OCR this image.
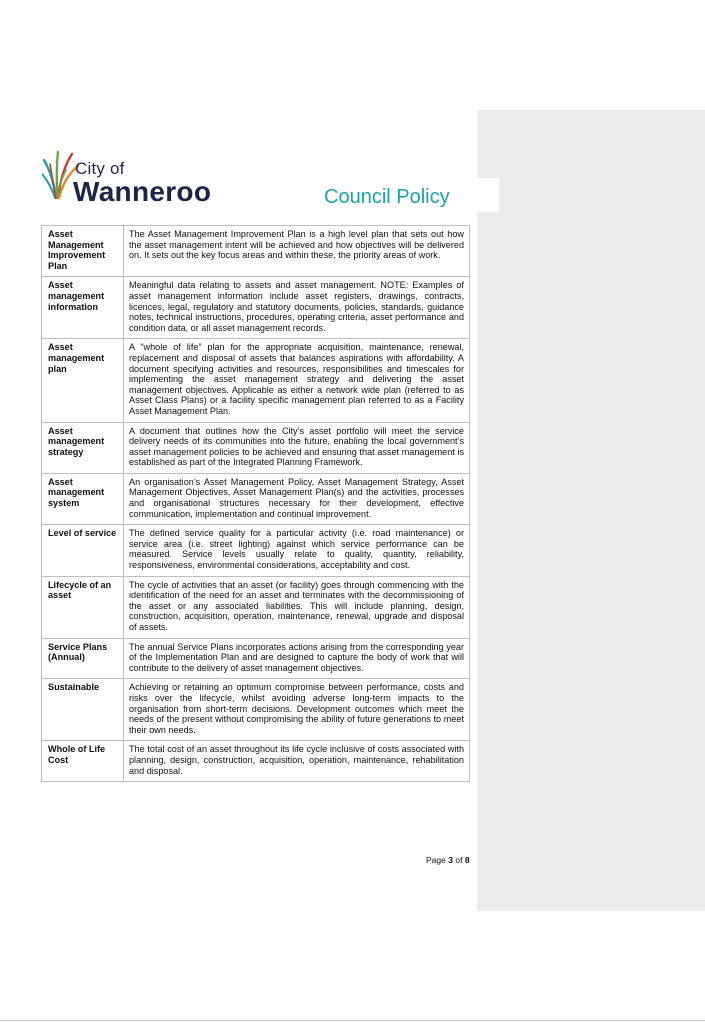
City of
Wanneroo	Council Policy
Asset Management Improvement Plan	The Asset Management Improvement Plan is a high level plan that sets out how the asset management intent will be achieved and how objectives will be delivered on. It sets out the key focus areas and within these, the priority areas of work.
Asset management information	Meaningful data relating to assets and asset management. NOTE: Examples of asset management information include asset registers, drawings, contracts, licences, legal, regulatory and statutory documents, policies, standards, guidance notes, technical instructions, procedures, operating criteria, asset performance and condition data, or all asset management records.
Asset management plan	A “whole of life” plan for the appropriate acquisition, maintenance, renewal, replacement and disposal of assets that balances aspirations with affordability. A document specifying activities and resources, responsibilities and timescales for implementing the asset management strategy and delivering the asset management objectives. Applicable as either a network wide plan (referred to as Asset Class Plans) or a facility specific management plan referred to as a Facility Asset Management Plan.
Asset management strategy	A document that outlines how the City’s asset portfolio will meet the service delivery needs of its communities into the future, enabling the local government’s asset management policies to be achieved and ensuring that asset management is established as part of the Integrated Planning Framework.
Asset management system	An organisation’s Asset Management Policy, Asset Management Strategy, Asset Management Objectives, Asset Management Plan(s) and the activities, processes and organisational structures necessary for their development, effective communication, implementation and continual improvement.
Level of service	The defined service quality for a particular activity (i.e. road maintenance) or service area (i.e. street lighting) against which service performance can be measured. Service levels usually relate to quality, quantity, reliability, responsiveness, environmental considerations, acceptability and cost.
Lifecycle of an asset	The cycle of activities that an asset (or facility) goes through commencing with the identification of the need for an asset and terminates with the decommissioning of the asset or any associated liabilities. This will include planning, design, construction, acquisition, operation, maintenance, renewal, upgrade and disposal of assets.
Service Plans (Annual)	The annual Service Plans incorporates actions arising from the corresponding year of the Implementation Plan and are designed to capture the body of work that will contribute to the delivery of asset management objectives.
Sustainable	Achieving or retaining an optimum compromise between performance, costs and risks over the lifecycle, whilst avoiding adverse long-term impacts to the organisation from short-term decisions. Development outcomes which meet the needs of the present without compromising the ability of future generations to meet their own needs.
Whole of Life Cost	The total cost of an asset throughout its life cycle inclusive of costs associated with planning, design, construction, acquisition, operation, maintenance, rehabilitation and disposal.
Page 3 of 8
